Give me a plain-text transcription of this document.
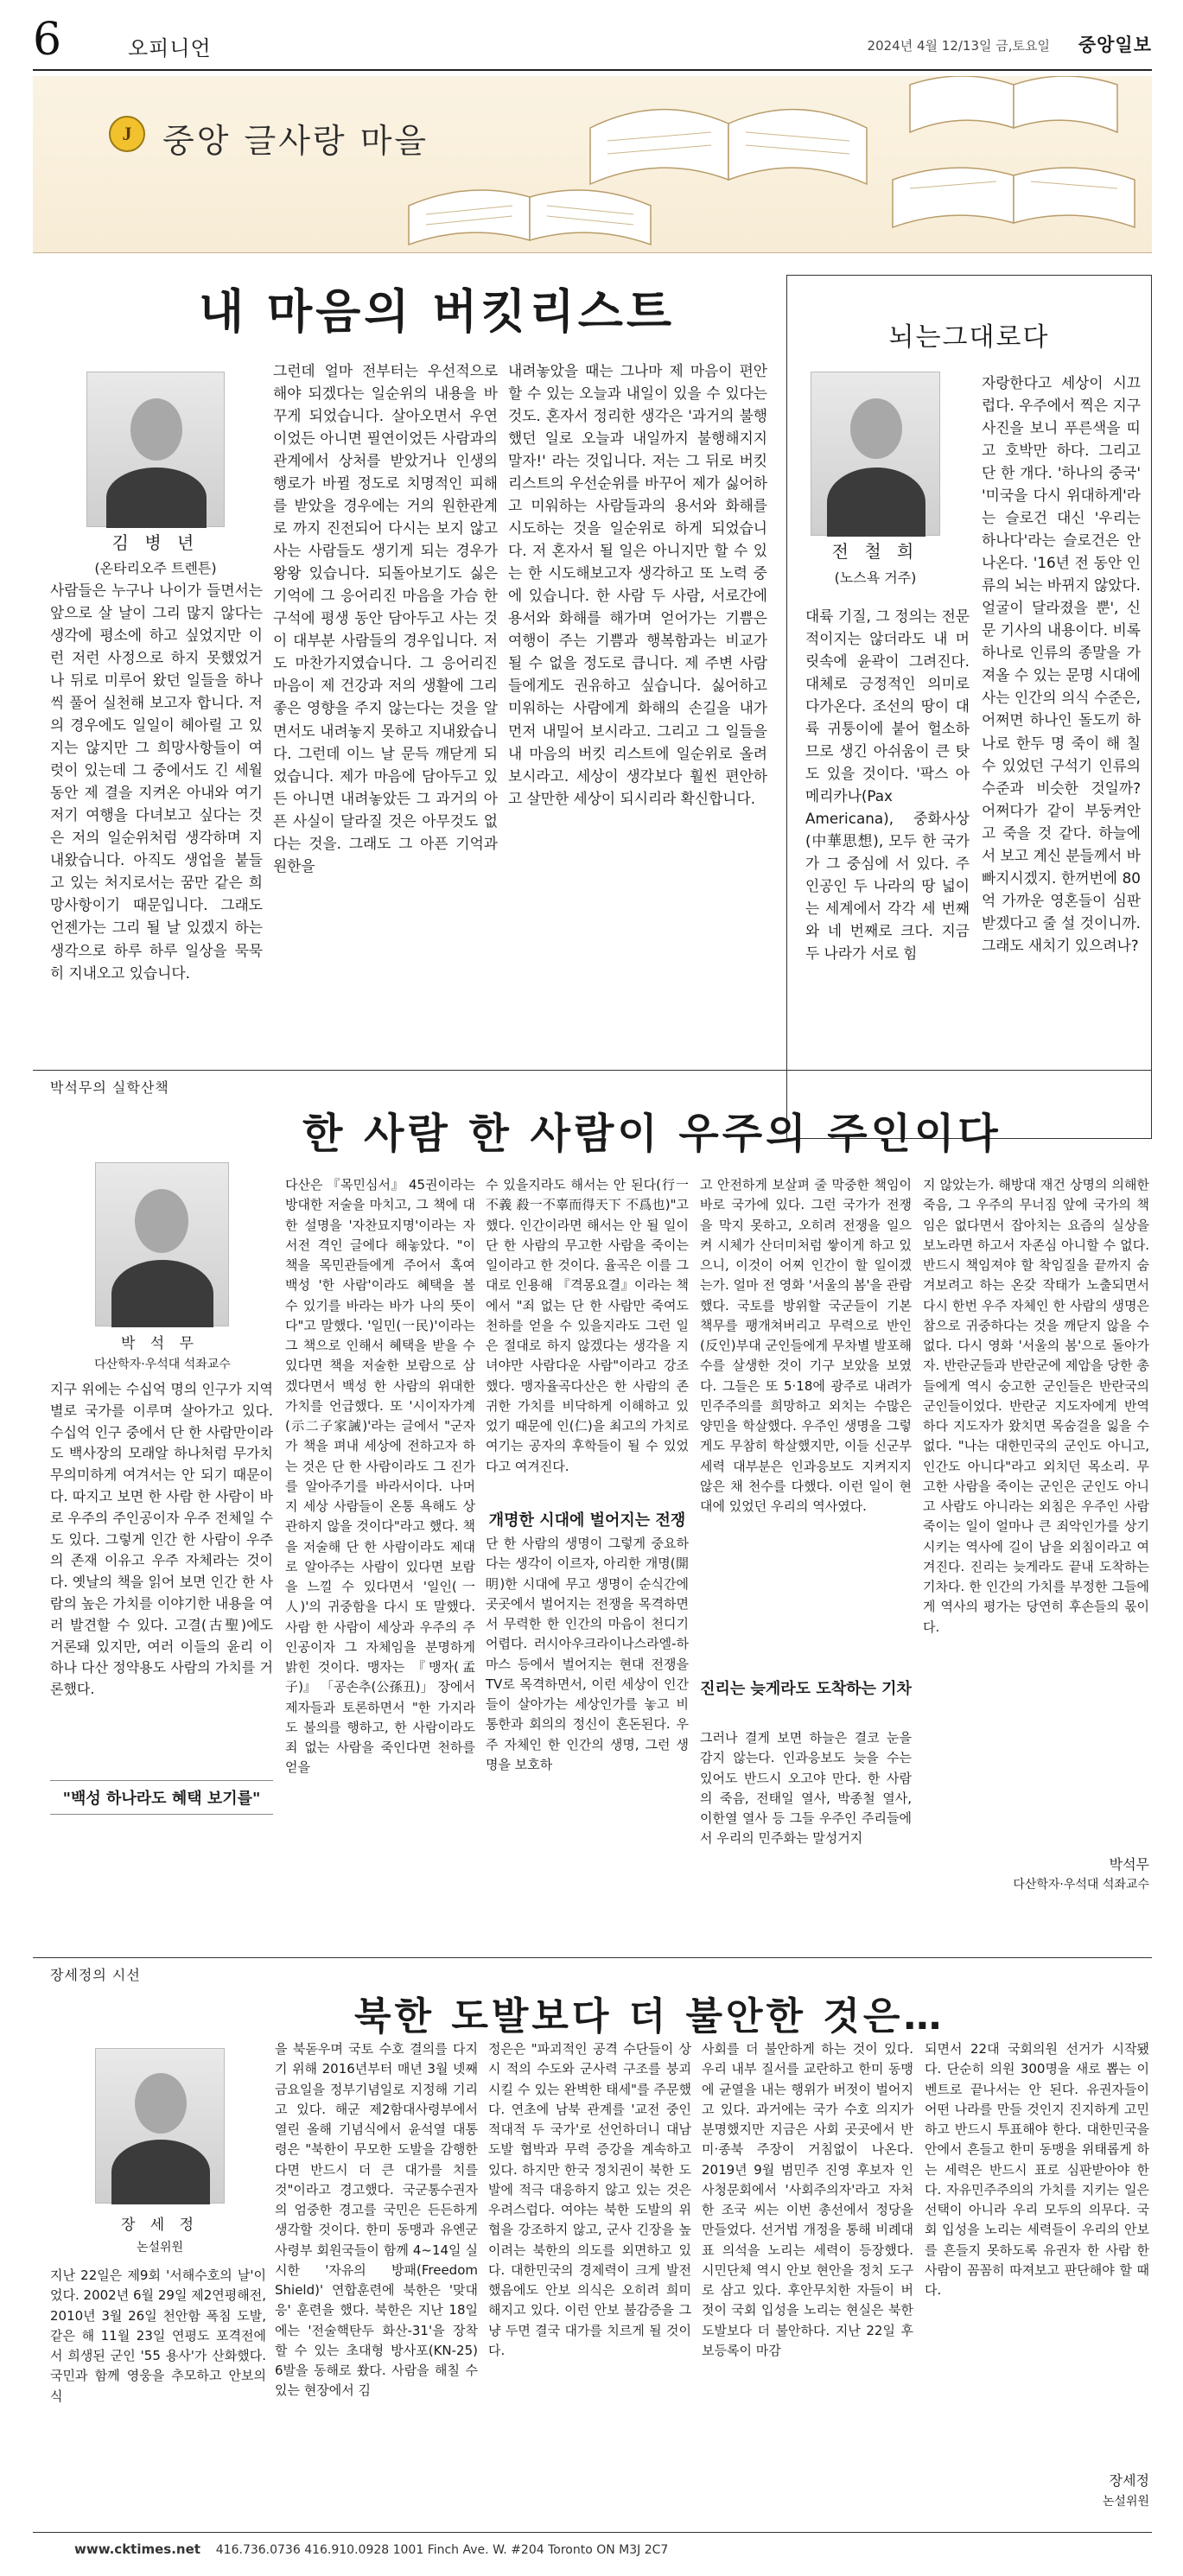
6	오피니언	2024년 4월 12/13일 금,토요일 중앙일보
J 중앙 글사랑 마을
내 마음의 버킷리스트
김 병 년
(온타리오주 트렌튼)
사람들은 누구나 나이가 들면서는 앞으로 살 날이 그리 많지 않다는 생각에 평소에 하고 싶었지만 이런 저런 사정으로 하지 못했었거나 뒤로 미루어 왔던 일들을 하나씩 풀어 실천해 보고자 합니다. 저의 경우에도 일일이 헤아릴 고 있지는 않지만 그 희망사항들이 여럿이 있는데 그 중에서도 긴 세월 동안 제 결을 지켜온 아내와 여기 저기 여행을 다녀보고 싶다는 것은 저의 일순위처럼 생각하며 지내왔습니다. 아직도 생업을 붙들고 있는 처지로서는 꿈만 같은 희망사항이기 때문입니다. 그래도 언젠가는 그리 될 날 있겠지 하는 생각으로 하루 하루 일상을 묵묵히 지내오고 있습니다.
그런데 얼마 전부터는 우선적으로 해야 되겠다는 일순위의 내용을 바꾸게 되었습니다. 살아오면서 우연이었든 아니면 필연이었든 사람과의 관계에서 상처를 받았거나 인생의 행로가 바뀔 정도로 치명적인 피해를 받았을 경우에는 거의 원한관계로 까지 진전되어 다시는 보지 않고 사는 사람들도 생기게 되는 경우가 왕왕 있습니다. 되돌아보기도 싫은 기억에 그 응어리진 마음을 가슴 한구석에 평생 동안 담아두고 사는 것이 대부분 사람들의 경우입니다. 저도 마찬가지였습니다. 그 응어리진 마음이 제 건강과 저의 생활에 그리 좋은 영향을 주지 않는다는 것을 알면서도 내려놓지 못하고 지내왔습니다. 그런데 이느 날 문득 깨닫게 되었습니다. 제가 마음에 담아두고 있든 아니면 내려놓았든 그 과거의 아픈 사실이 달라질 것은 아무것도 없다는 것을. 그래도 그 아픈 기억과 원한을
내려놓았을 때는 그나마 제 마음이 편안할 수 있는 오늘과 내일이 있을 수 있다는 것도. 혼자서 정리한 생각은 '과거의 불행했던 일로 오늘과 내일까지 불행해지지 말자!' 라는 것입니다. 저는 그 뒤로 버킷리스트의 우선순위를 바꾸어 제가 싫어하고 미워하는 사람들과의 용서와 화해를 시도하는 것을 일순위로 하게 되었습니다. 저 혼자서 될 일은 아니지만 할 수 있는 한 시도해보고자 생각하고 또 노력 중에 있습니다. 한 사람 두 사람, 서로간에 용서와 화해를 해가며 얻어가는 기쁨은 여행이 주는 기쁨과 행복함과는 비교가 될 수 없을 정도로 큽니다. 제 주변 사람들에게도 권유하고 싶습니다. 싫어하고 미워하는 사람에게 화해의 손길을 내가 먼저 내밀어 보시라고. 그리고 그 일들을 내 마음의 버킷 리스트에 일순위로 올려보시라고. 세상이 생각보다 훨씬 편안하고 살만한 세상이 되시리라 확신합니다.
뇌는그대로다
전 철 희
(노스욕 거주)
대륙 기질, 그 정의는 전문적이지는 않더라도 내 머릿속에 윤곽이 그려진다. 대체로 긍정적인 의미로 다가온다. 조선의 땅이 대륙 귀퉁이에 붙어 헐소하므로 생긴 아쉬움이 큰 탓도 있을 것이다. '팍스 아메리카나(Pax Americana), 중화사상(中華思想), 모두 한 국가가 그 중심에 서 있다. 주인공인 두 나라의 땅 넓이는 세계에서 각각 세 번째와 네 번째로 크다. 지금 두 나라가 서로 힘
자랑한다고 세상이 시끄럽다. 우주에서 찍은 지구 사진을 보니 푸른색을 띠고 호박만 하다. 그리고 단 한 개다. '하나의 중국' '미국을 다시 위대하게'라는 슬로건 대신 '우리는 하나다'라는 슬로건은 안 나온다. '16년 전 동안 인류의 뇌는 바뀌지 않았다. 얼굴이 달라졌을 뿐', 신문 기사의 내용이다. 비록 하나로 인류의 종말을 가져올 수 있는 문명 시대에 사는 인간의 의식 수준은, 어쩌면 하나인 돌도끼 하나로 한두 명 죽이 해 칠 수 있었던 구석기 인류의 수준과 비슷한 것일까? 어쩌다가 같이 부둥켜안고 죽을 것 같다. 하늘에서 보고 계신 분들께서 바빠지시겠지. 한꺼번에 80억 가까운 영혼들이 심판받겠다고 줄 설 것이니까. 그래도 새치기 있으려나?
박석무의 실학산책
한 사람 한 사람이 우주의 주인이다
박 석 무
다산학자·우석대 석좌교수
지구 위에는 수십억 명의 인구가 지역별로 국가를 이루며 살아가고 있다. 수십억 인구 중에서 단 한 사람만이라도 백사장의 모래알 하나처럼 무가치 무의미하게 여겨서는 안 되기 때문이다. 따지고 보면 한 사람 한 사람이 바로 우주의 주인공이자 우주 전체일 수도 있다. 그렇게 인간 한 사람이 우주의 존재 이유고 우주 자체라는 것이다. 옛날의 책을 읽어 보면 인간 한 사람의 높은 가치를 이야기한 내용을 여러 발견할 수 있다. 고결(古聖)에도 거론돼 있지만, 여러 이들의 윤리 이하나 다산 정약용도 사람의 가치를 거론했다.
"백성 하나라도 혜택 보기를"
다산은 『목민심서』 45권이라는 방대한 저술을 마치고, 그 책에 대한 설명을 '자찬묘지명'이라는 자서전 격인 글에다 해놓았다. "이 책을 목민관들에게 주어서 혹여 백성 '한 사람'이라도 혜택을 볼 수 있기를 바라는 바가 나의 뜻이다"고 말했다. '일민(一民)'이라는 그 책으로 인해서 혜택을 받을 수 있다면 책을 저술한 보람으로 삼겠다면서 백성 한 사람의 위대한 가치를 언급했다. 또 '시이자가계(示二子家誡)'라는 글에서 "군자가 책을 펴내 세상에 전하고자 하는 것은 단 한 사람이라도 그 진가를 알아주기를 바라서이다. 나머지 세상 사람들이 온통 욕해도 상관하지 않을 것이다"라고 했다. 책을 저술해 단 한 사람이라도 제대로 알아주는 사람이 있다면 보람을 느낄 수 있다면서 '일인(一人)'의 귀중함을 다시 또 말했다. 사람 한 사람이 세상과 우주의 주인공이자 그 자체임을 분명하게 밝힌 것이다. 맹자는 『맹자(孟子)』 「공손추(公孫丑)」 장에서 제자들과 토론하면서 "한 가지라도 불의를 행하고, 한 사람이라도 죄 없는 사람을 죽인다면 천하를 얻을
수 있을지라도 해서는 안 된다(行一不義 殺一不辜而得天下 不爲也)"고 했다. 인간이라면 해서는 안 될 일이 단 한 사람의 무고한 사람을 죽이는 일이라고 한 것이다. 율곡은 이를 그대로 인용해 『격몽요결』이라는 책에서 "죄 없는 단 한 사람만 죽여도 천하를 얻을 수 있을지라도 그런 일은 절대로 하지 않겠다는 생각을 지녀야만 사람다운 사람"이라고 강조했다. 맹자율곡다산은 한 사람의 존귀한 가치를 비닥하게 이해하고 있었기 때문에 인(仁)을 최고의 가치로 여기는 공자의 후학들이 될 수 있었다고 여겨진다.
개명한 시대에 벌어지는 전쟁
단 한 사람의 생명이 그렇게 중요하다는 생각이 이르자, 아리한 개명(開明)한 시대에 무고 생명이 순식간에 곳곳에서 벌어지는 전쟁을 목격하면서 무력한 한 인간의 마음이 천디기 어렵다. 러시아우크라이나스라엘-하마스 등에서 벌어지는 현대 전쟁을 TV로 목격하면서, 이런 세상이 인간들이 살아가는 세상인가를 놓고 비통한과 회의의 정신이 혼돈된다. 우주 자체인 한 인간의 생명, 그런 생명을 보호하
고 안전하게 보살펴 줄 막중한 책임이 바로 국가에 있다. 그런 국가가 전쟁을 막지 못하고, 오히려 전쟁을 일으켜 시체가 산더미처럼 쌓이게 하고 있으니, 이것이 어찌 인간이 할 일이겠는가. 얼마 전 영화 '서울의 봄'을 관람했다. 국토를 방위할 국군들이 기본 책무를 팽개쳐버리고 무력으로 반인(反인)부대 군인들에게 무차별 발포해 수를 살생한 것이 기구 보았을 보였다. 그들은 또 5·18에 광주로 내려가 민주주의를 희망하고 외치는 수많은 양민을 학살했다. 우주인 생명을 그렇게도 무참히 학살했지만, 이들 신군부 세력 대부분은 인과응보도 지켜지지 않은 채 천수를 다했다. 이런 일이 현대에 있었던 우리의 역사였다.
진리는 늦게라도 도착하는 기차
그러나 결게 보면 하늘은 결코 눈을 감지 않는다. 인과응보도 늦을 수는 있어도 반드시 오고야 만다. 한 사람의 죽음, 전태일 열사, 박종철 열사, 이한열 열사 등 그들 우주인 주리들에서 우리의 민주화는 말성거지
지 않았는가. 해방대 재건 상명의 의해한 죽음, 그 우주의 무너짐 앞에 국가의 책임은 없다면서 잡아치는 요즘의 실상을 보노라면 하고서 자존심 아니할 수 없다. 반드시 책임져야 할 착임질을 끝까지 숨겨보려고 하는 온갖 작태가 노출되면서 다시 한번 우주 자체인 한 사람의 생명은 참으로 귀중하다는 것을 깨닫지 않을 수 없다. 다시 영화 '서울의 봄'으로 돌아가자. 반란군들과 반란군에 제압을 당한 총들에게 역시 숭고한 군인들은 반란국의 군인들이었다. 반란군 지도자에게 반역하다 지도자가 왔치면 목숨걸을 잃을 수 없다. "나는 대한민국의 군인도 아니고, 인간도 아니다"라고 외치던 목소리. 무고한 사람을 죽이는 군인은 군인도 아니고 사람도 아니라는 외침은 우주인 사람 죽이는 일이 얼마나 큰 죄악인가를 상기시키는 역사에 길이 남을 외침이라고 여겨진다. 진리는 늦게라도 끝내 도착하는 기차다. 한 인간의 가치를 부정한 그들에게 역사의 평가는 당연히 후손들의 몫이다.
박석무
다산학자·우석대 석좌교수
장세정의 시선
북한 도발보다 더 불안한 것은…
장 세 정
논설위원
지난 22일은 제9회 '서해수호의 날'이었다. 2002년 6월 29일 제2연평해전, 2010년 3월 26일 천안함 폭침 도발, 같은 해 11월 23일 연평도 포격전에서 희생된 군인 '55 용사'가 산화했다. 국민과 함께 영웅을 추모하고 안보의식
을 북돋우며 국토 수호 결의를 다지기 위해 2016년부터 매년 3월 넷째 금요일을 정부기념일로 지정해 기리고 있다. 해군 제2함대사령부에서 열린 올해 기념식에서 윤석열 대통령은 "북한이 무모한 도발을 감행한다면 반드시 더 큰 대가를 치를 것"이라고 경고했다. 국군통수권자의 엄중한 경고를 국민은 든든하게 생각할 것이다. 한미 동맹과 유엔군사령부 회원국들이 함께 4~14일 실시한 '자유의 방패(Freedom Shield)' 연합훈련에 북한은 '맞대응' 훈련을 했다. 북한은 지난 18일에는 '전술핵탄두 화산-31'을 장착할 수 있는 초대형 방사포(KN-25) 6발을 동해로 쐈다. 사람을 해칠 수 있는 현장에서 김
정은은 "파괴적인 공격 수단들이 상시 적의 수도와 군사력 구조를 붕괴시킬 수 있는 완벽한 태세"를 주문했다. 연초에 남북 관계를 '교전 중인 적대적 두 국가'로 선언하더니 대남 도발 협박과 무력 증강을 계속하고 있다. 하지만 한국 정치권이 북한 도발에 적극 대응하지 않고 있는 것은 우려스럽다. 여야는 북한 도발의 위협을 강조하지 않고, 군사 긴장을 높이려는 북한의 의도를 외면하고 있다. 대한민국의 경제력이 크게 발전했음에도 안보 의식은 오히려 희미해지고 있다. 이런 안보 불감증을 그냥 두면 결국 대가를 치르게 될 것이다.
사회를 더 불안하게 하는 것이 있다. 우리 내부 질서를 교란하고 한미 동맹에 균열을 내는 행위가 버젓이 벌어지고 있다. 과거에는 국가 수호 의지가 분명했지만 지금은 사회 곳곳에서 반미·종북 주장이 거침없이 나온다. 2019년 9월 범민주 진영 후보자 인사청문회에서 '사회주의자'라고 자처한 조국 씨는 이번 총선에서 정당을 만들었다. 선거법 개정을 통해 비례대표 의석을 노리는 세력이 등장했다. 시민단체 역시 안보 현안을 정치 도구로 삼고 있다. 후안무치한 자들이 버젓이 국회 입성을 노리는 현실은 북한 도발보다 더 불안하다. 지난 22일 후보등록이 마감
되면서 22대 국회의원 선거가 시작됐다. 단순히 의원 300명을 새로 뽑는 이벤트로 끝나서는 안 된다. 유권자들이 어떤 나라를 만들 것인지 진지하게 고민하고 반드시 투표해야 한다. 대한민국을 안에서 흔들고 한미 동맹을 위태롭게 하는 세력은 반드시 표로 심판받아야 한다. 자유민주주의의 가치를 지키는 일은 선택이 아니라 우리 모두의 의무다. 국회 입성을 노리는 세력들이 우리의 안보를 흔들지 못하도록 유권자 한 사람 한 사람이 꼼꼼히 따져보고 판단해야 할 때다.
장세정
논설위원
www.cktimes.net 416.736.0736 416.910.0928 1001 Finch Ave. W. #204 Toronto ON M3J 2C7
